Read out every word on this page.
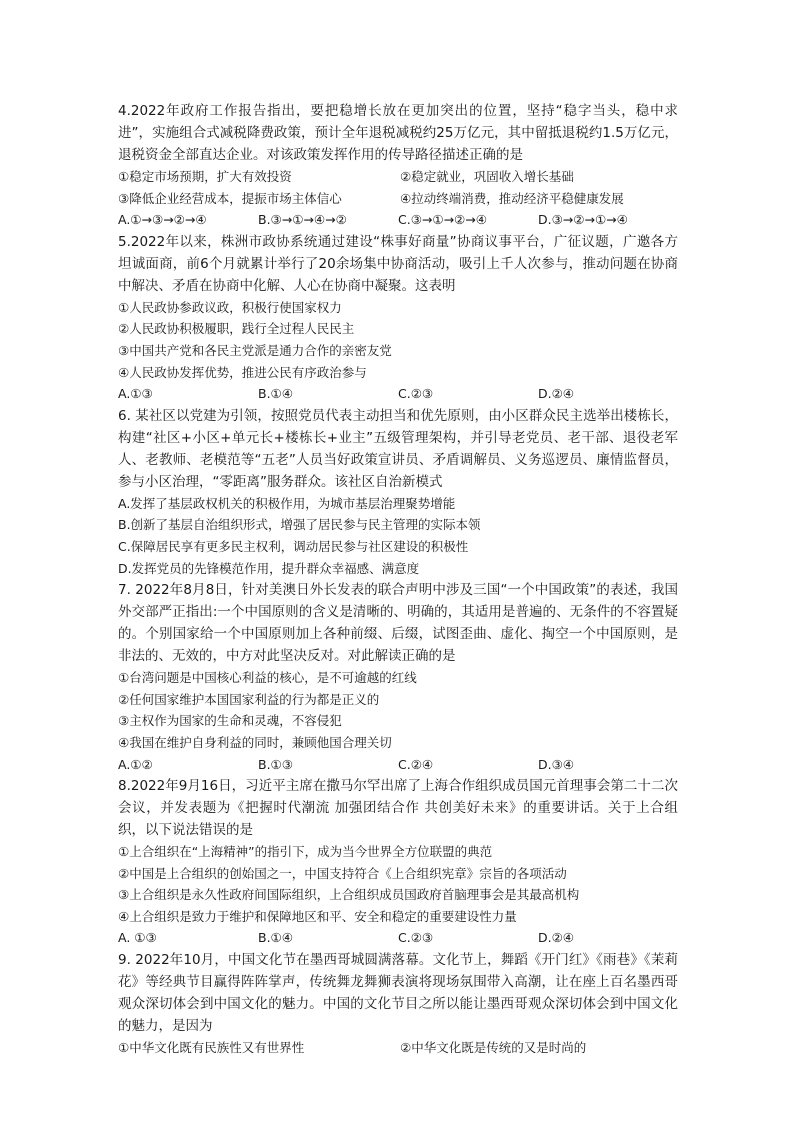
4.2022年政府工作报告指出，要把稳增长放在更加突出的位置，坚持“稳字当头，稳中求进”，实施组合式减税降费政策，预计全年退税减税约25万亿元，其中留抵退税约1.5万亿元，退税资金全部直达企业。对该政策发挥作用的传导路径描述正确的是

①稳定市场预期，扩大有效投资	②稳定就业，巩固收入增长基础
③降低企业经营成本，提振市场主体信心	④拉动终端消费，推动经济平稳健康发展
A.①→③→②→④	B.③→①→④→②	C.③→①→②→④	D.③→②→①→④

5.2022年以来，株洲市政协系统通过建设“株事好商量”协商议事平台，广征议题，广邀各方坦诚面商，前6个月就累计举行了20余场集中协商活动，吸引上千人次参与，推动问题在协商中解决、矛盾在协商中化解、人心在协商中凝聚。这表明

①人民政协参政议政，积极行使国家权力

②人民政协积极履职，践行全过程人民民主

③中国共产党和各民主党派是通力合作的亲密友党

④人民政协发挥优势，推进公民有序政治参与

A.①③	B.①④	C.②③	D.②④

6. 某社区以党建为引领，按照党员代表主动担当和优先原则，由小区群众民主选举出楼栋长，构建“社区+小区+单元长+楼栋长+业主”五级管理架构，并引导老党员、老干部、退役老军人、老教师、老模范等“五老”人员当好政策宣讲员、矛盾调解员、义务巡逻员、廉情监督员，参与小区治理，“零距离”服务群众。该社区自治新模式

A.发挥了基层政权机关的积极作用，为城市基层治理聚势增能

B.创新了基层自治组织形式，增强了居民参与民主管理的实际本领

C.保障居民享有更多民主权利，调动居民参与社区建设的积极性

D.发挥党员的先锋模范作用，提升群众幸福感、满意度

7. 2022年8月8日，针对美澳日外长发表的联合声明中涉及三国“一个中国政策”的表述，我国外交部严正指出:一个中国原则的含义是清晰的、明确的，其适用是普遍的、无条件的不容置疑的。个别国家给一个中国原则加上各种前缀、后缀，试图歪曲、虚化、掏空一个中国原则，是非法的、无效的，中方对此坚决反对。对此解读正确的是

①台湾问题是中国核心利益的核心，是不可逾越的红线

②任何国家维护本国国家利益的行为都是正义的

③主权作为国家的生命和灵魂，不容侵犯

④我国在维护自身利益的同时，兼顾他国合理关切

A.①②	B.①③	C.②④	D.③④

8.2022年9月16日，习近平主席在撒马尔罕出席了上海合作组织成员国元首理事会第二十二次会议，并发表题为《把握时代潮流 加强团结合作 共创美好未来》的重要讲话。关于上合组织，以下说法错误的是

①上合组织在“上海精神”的指引下，成为当今世界全方位联盟的典范

②中国是上合组织的创始国之一，中国支持符合《上合组织宪章》宗旨的各项活动

③上合组织是永久性政府间国际组织，上合组织成员国政府首脑理事会是其最高机构

④上合组织是致力于维护和保障地区和平、安全和稳定的重要建设性力量

A. ①③	B.①④	C.②③	D.②④

9. 2022年10月，中国文化节在墨西哥城圆满落幕。文化节上，舞蹈《开门红》《雨巷》《茉莉花》等经典节目赢得阵阵掌声，传统舞龙舞狮表演将现场氛围带入高潮，让在座上百名墨西哥观众深切体会到中国文化的魅力。中国的文化节目之所以能让墨西哥观众深切体会到中国文化的魅力，是因为

①中华文化既有民族性又有世界性	②中华文化既是传统的又是时尚的
